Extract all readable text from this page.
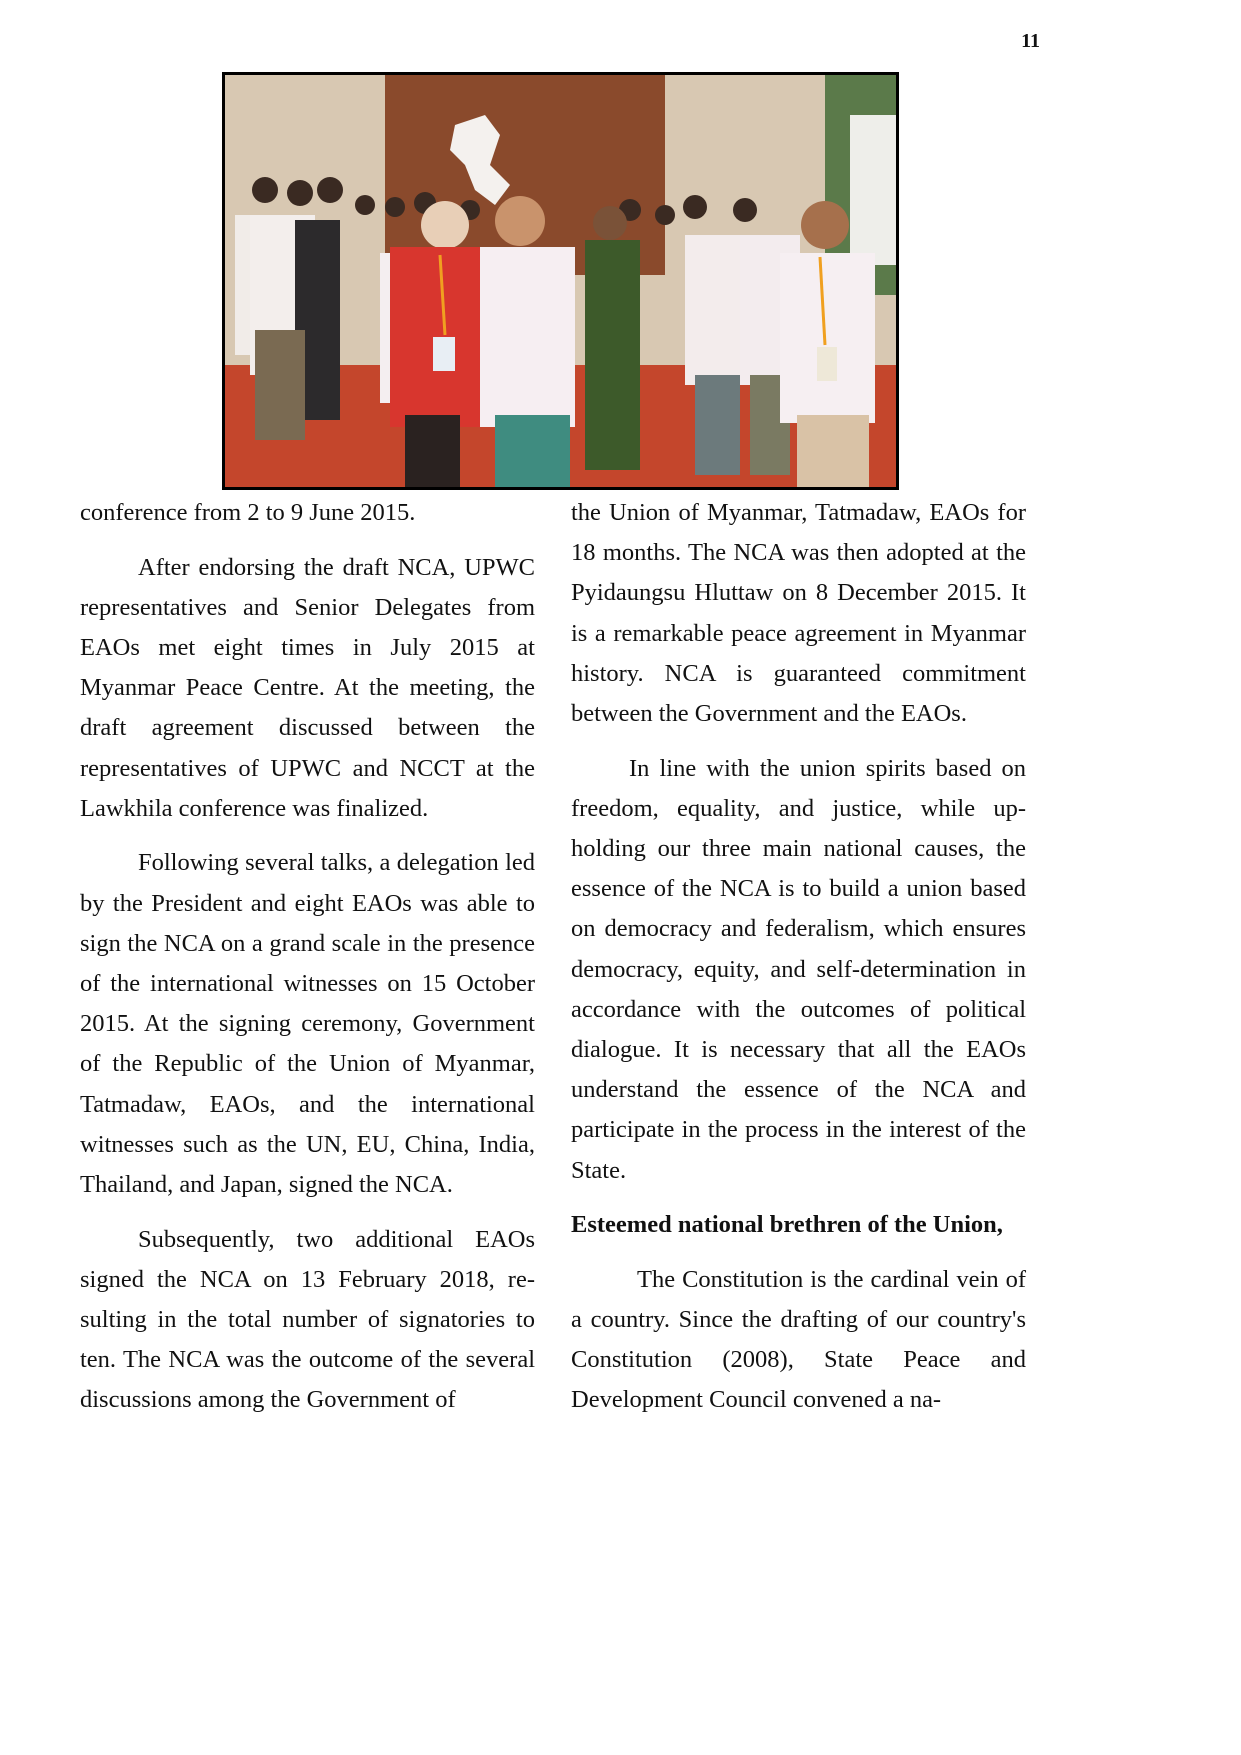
11

conference from 2 to 9 June 2015.

After endorsing the draft NCA, UPWC representatives and Senior Delegates from EAOs met eight times in July 2015 at Myanmar Peace Centre. At the meeting, the draft agreement discussed between the representatives of UPWC and NCCT at the Lawkhila conference was finalized.

Following several talks, a delegation led by the President and eight EAOs was able to sign the NCA on a grand scale in the presence of the international witnesses on 15 October 2015. At the signing ceremony, Government of the Republic of the Union of Myanmar, Tatmadaw, EAOs, and the international witnesses such as the UN, EU, China, India, Thailand, and Japan, signed the NCA.

Subsequently, two additional EAOs signed the NCA on 13 February 2018, resulting in the total number of signatories to ten. The NCA was the outcome of the several discussions among the Government of

the Union of Myanmar, Tatmadaw, EAOs for 18 months. The NCA was then adopted at the Pyidaungsu Hluttaw on 8 December 2015. It is a remarkable peace agreement in Myanmar history. NCA is guaranteed commitment between the Government and the EAOs.

In line with the union spirits based on freedom, equality, and justice, while upholding our three main national causes, the essence of the NCA is to build a union based on democracy and federalism, which ensures democracy, equity, and self-determination in accordance with the outcomes of political dialogue. It is necessary that all the EAOs understand the essence of the NCA and participate in the process in the interest of the State.

Esteemed national brethren of the Union,

The Constitution is the cardinal vein of a country. Since the drafting of our country's Constitution (2008), State Peace and Development Council convened a na-
